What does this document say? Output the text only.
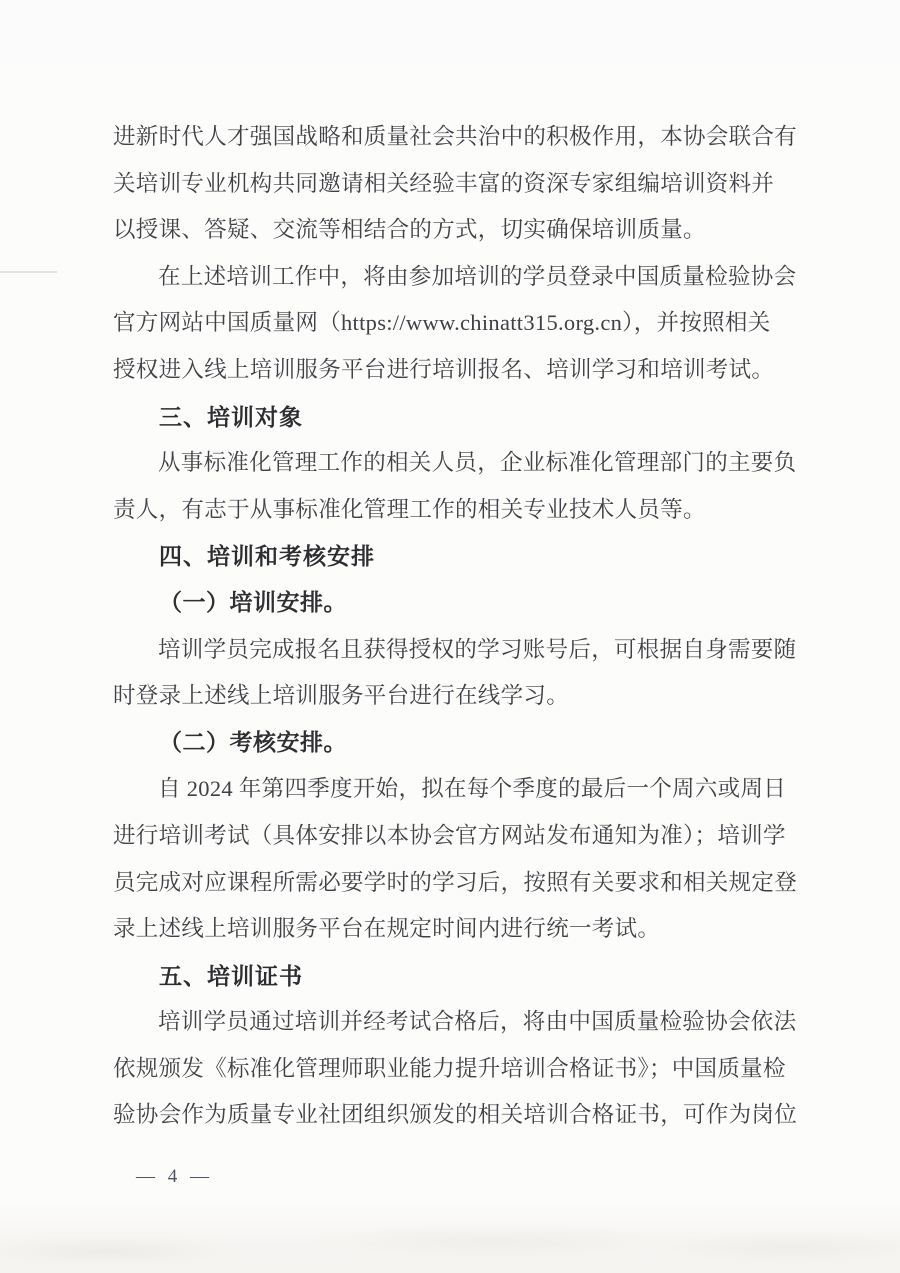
进新时代人才强国战略和质量社会共治中的积极作用，本协会联合有
关培训专业机构共同邀请相关经验丰富的资深专家组编培训资料并
以授课、答疑、交流等相结合的方式，切实确保培训质量。
在上述培训工作中，将由参加培训的学员登录中国质量检验协会
官方网站中国质量网（https://www.chinatt315.org.cn），并按照相关
授权进入线上培训服务平台进行培训报名、培训学习和培训考试。
三、培训对象
从事标准化管理工作的相关人员，企业标准化管理部门的主要负
责人，有志于从事标准化管理工作的相关专业技术人员等。
四、培训和考核安排
（一）培训安排。
培训学员完成报名且获得授权的学习账号后，可根据自身需要随
时登录上述线上培训服务平台进行在线学习。
（二）考核安排。
自 2024 年第四季度开始，拟在每个季度的最后一个周六或周日
进行培训考试（具体安排以本协会官方网站发布通知为准）；培训学
员完成对应课程所需必要学时的学习后，按照有关要求和相关规定登
录上述线上培训服务平台在规定时间内进行统一考试。
五、培训证书
培训学员通过培训并经考试合格后，将由中国质量检验协会依法
依规颁发《标准化管理师职业能力提升培训合格证书》；中国质量检
验协会作为质量专业社团组织颁发的相关培训合格证书，可作为岗位
— 4 —
